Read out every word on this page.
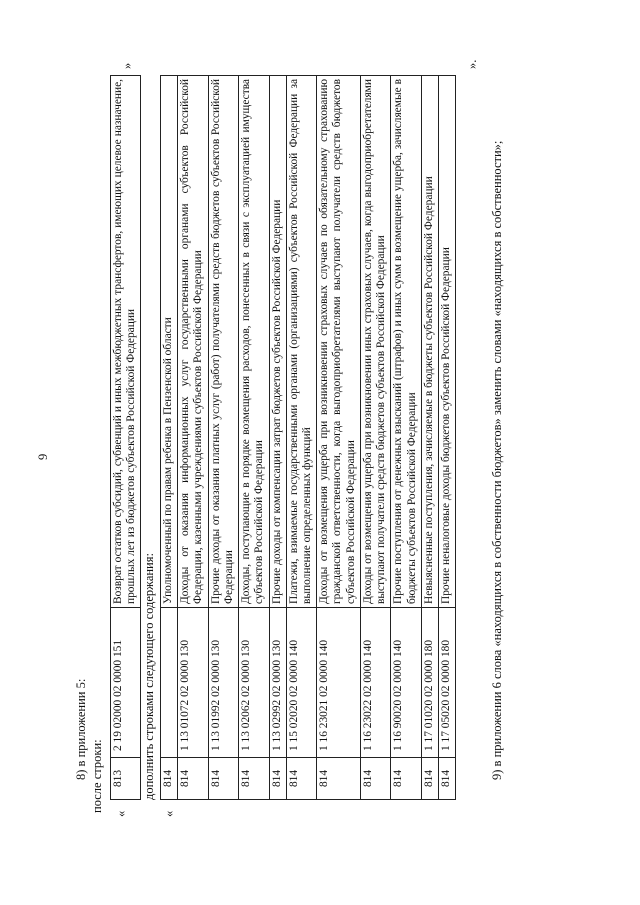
9
8) в приложении 5: после строки:
«
813	2 19 02000 02 0000 151	Возврат остатков субсидий, субвенций и иных межбюджетных трансфертов, имеющих целевое назначение, прошлых лет из бюджетов субъектов Российской Федерации
»
дополнить строками следующего содержания:
«
814		Уполномоченный по правам ребенка в Пензенской области
814	1 13 01072 02 0000 130	Доходы от оказания информационных услуг государственными органами субъектов Российской Федерации, казенными учреждениями субъектов Российской Федерации
814	1 13 01992 02 0000 130	Прочие доходы от оказания платных услуг (работ) получателями средств бюджетов субъектов Российской Федерации
814	1 13 02062 02 0000 130	Доходы, поступающие в порядке возмещения расходов, понесенных в связи с эксплуатацией имущества субъектов Российской Федерации
814	1 13 02992 02 0000 130	Прочие доходы от компенсации затрат бюджетов субъектов Российской Федерации
814	1 15 02020 02 0000 140	Платежи, взимаемые государственными органами (организациями) субъектов Российской Федерации за выполнение определенных функций
814	1 16 23021 02 0000 140	Доходы от возмещения ущерба при возникновении страховых случаев по обязательному страхованию гражданской ответственности, когда выгодоприобретателями выступают получатели средств бюджетов субъектов Российской Федерации
814	1 16 23022 02 0000 140	Доходы от возмещения ущерба при возникновении иных страховых случаев, когда выгодоприобретателями выступают получатели средств бюджетов субъектов Российской Федерации
814	1 16 90020 02 0000 140	Прочие поступления от денежных взысканий (штрафов) и иных сумм в возмещение ущерба, зачисляемые в бюджеты субъектов Российской Федерации
814	1 17 01020 02 0000 180	Невыясненные поступления, зачисляемые в бюджеты субъектов Российской Федерации
814	1 17 05020 02 0000 180	Прочие неналоговые доходы бюджетов субъектов Российской Федерации
».
9) в приложении 6 слова «находящихся в собственности бюджетов» заменить словами «находящихся в собственности»;
